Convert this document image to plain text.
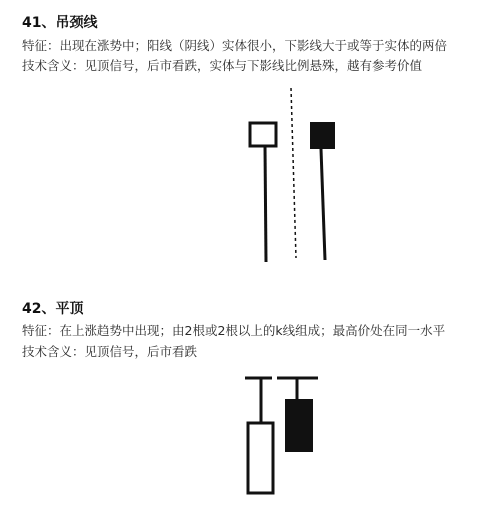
41、吊颈线
特征：出现在涨势中；阳线（阴线）实体很小，下影线大于或等于实体的两倍
技术含义：见顶信号，后市看跌，实体与下影线比例悬殊，越有参考价值
42、平顶
特征：在上涨趋势中出现；由2根或2根以上的k线组成；最高价处在同一水平
技术含义：见顶信号，后市看跌
